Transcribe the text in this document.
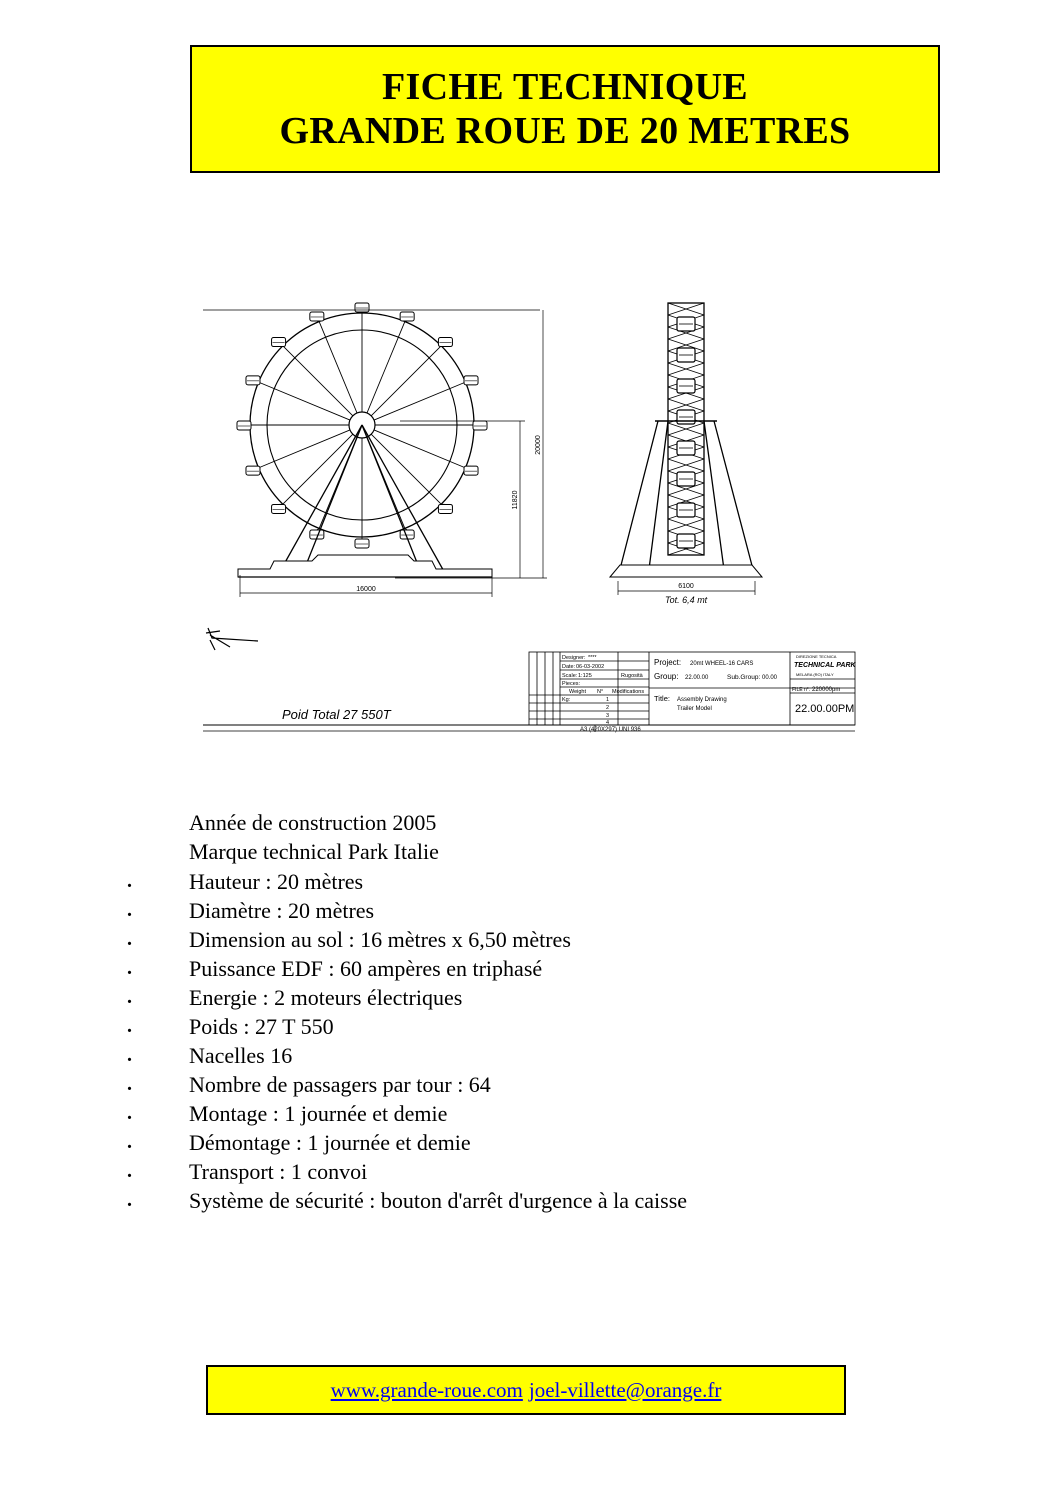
FICHE TECHNIQUE
GRANDE ROUE DE 20 METRES
16000
20000
11820
6100
Tot. 6,4 mt
Poid Total 27 550T
Designer: ****
Date: 06-03-2002
Scale: 1:125	Rugosità
Pieces:
Weight
Kg:
N° Modifications
1
2
3
4
Project: 20mt WHEEL-16 CARS
Group: 22.00.00	Sub.Group: 00.00
Title: Assembly Drawing
Trailer Model
DIREZIONE TECNICA
TECHNICAL PARK
MELARA (RO) ITALY
FILE n°. 220000pm
22.00.00PM
A3 (420X297) UNI 936
Année de construction 2005
Marque technical Park Italie
.	Hauteur : 20 mètres
.	Diamètre : 20 mètres
.	Dimension au sol : 16 mètres x 6,50 mètres
.	Puissance EDF : 60 ampères en triphasé
.	Energie : 2 moteurs électriques
.	Poids : 27 T 550
.	Nacelles 16
.	Nombre de passagers par tour : 64
.	Montage : 1 journée et demie
.	Démontage : 1 journée et demie
.	Transport : 1 convoi
.	Système de sécurité : bouton d'arrêt d'urgence à la caisse
www.grande-roue.com joel-villette@orange.fr
